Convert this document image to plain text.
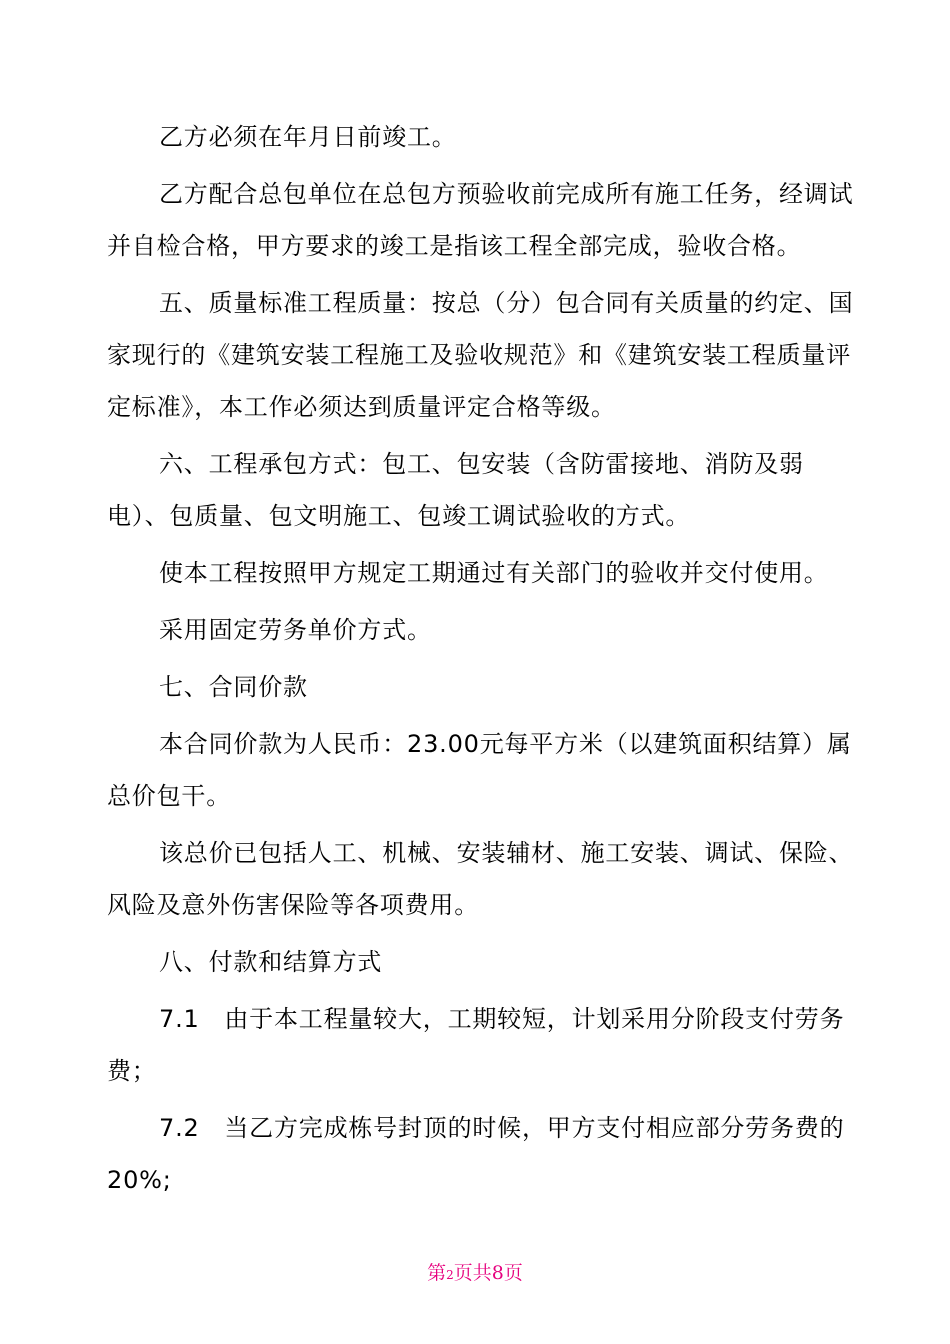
乙方必须在年月日前竣工。

乙方配合总包单位在总包方预验收前完成所有施工任务，经调试并自检合格，甲方要求的竣工是指该工程全部完成，验收合格。

五、质量标准工程质量：按总（分）包合同有关质量的约定、国家现行的《建筑安装工程施工及验收规范》和《建筑安装工程质量评定标准》，本工作必须达到质量评定合格等级。

六、工程承包方式：包工、包安装（含防雷接地、消防及弱电）、包质量、包文明施工、包竣工调试验收的方式。

使本工程按照甲方规定工期通过有关部门的验收并交付使用。

采用固定劳务单价方式。

七、合同价款

本合同价款为人民币：23.00元每平方米（以建筑面积结算）属总价包干。

该总价已包括人工、机械、安装辅材、施工安装、调试、保险、风险及意外伤害保险等各项费用。

八、付款和结算方式

7.1　由于本工程量较大，工期较短，计划采用分阶段支付劳务费；

7.2　当乙方完成栋号封顶的时候，甲方支付相应部分劳务费的20%;

第2页共8页
